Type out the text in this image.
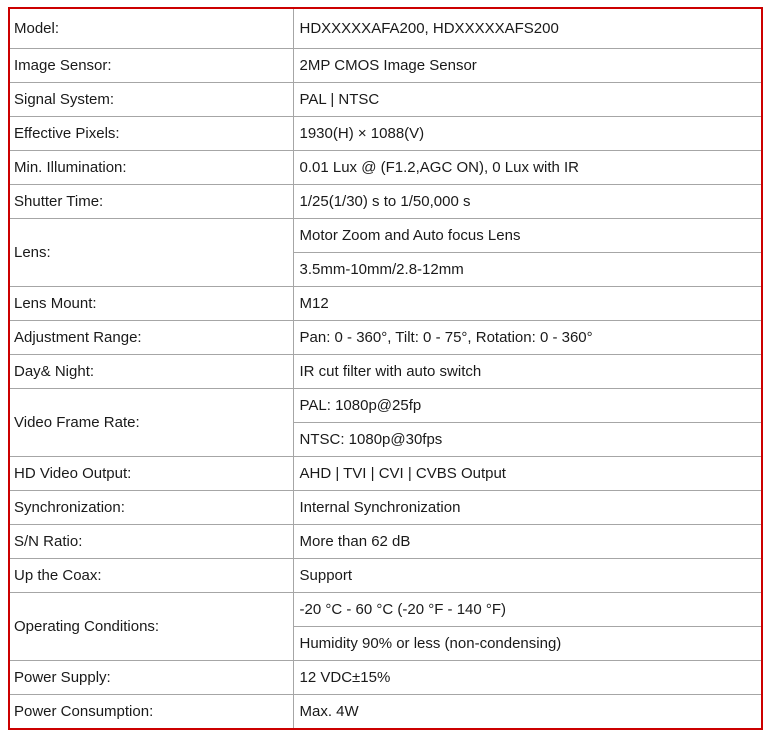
Model:	HDXXXXXAFA200, HDXXXXXAFS200
Image Sensor:	2MP CMOS Image Sensor
Signal System:	PAL | NTSC
Effective Pixels:	1930(H) × 1088(V)
Min. Illumination:	0.01 Lux @ (F1.2,AGC ON), 0 Lux with IR
Shutter Time:	1/25(1/30) s to 1/50,000 s
Lens:	Motor Zoom and Auto focus Lens
	3.5mm-10mm/2.8-12mm
Lens Mount:	M12
Adjustment Range:	Pan: 0 - 360°, Tilt: 0 - 75°, Rotation: 0 - 360°
Day& Night:	IR cut filter with auto switch
Video Frame Rate:	PAL: 1080p@25fp
	NTSC: 1080p@30fps
HD Video Output:	AHD | TVI | CVI | CVBS Output
Synchronization:	Internal Synchronization
S/N Ratio:	More than 62 dB
Up the Coax:	Support
Operating Conditions:	-20 °C - 60 °C (-20 °F - 140 °F)
	Humidity 90% or less (non-condensing)
Power Supply:	12 VDC±15%
Power Consumption:	Max. 4W
